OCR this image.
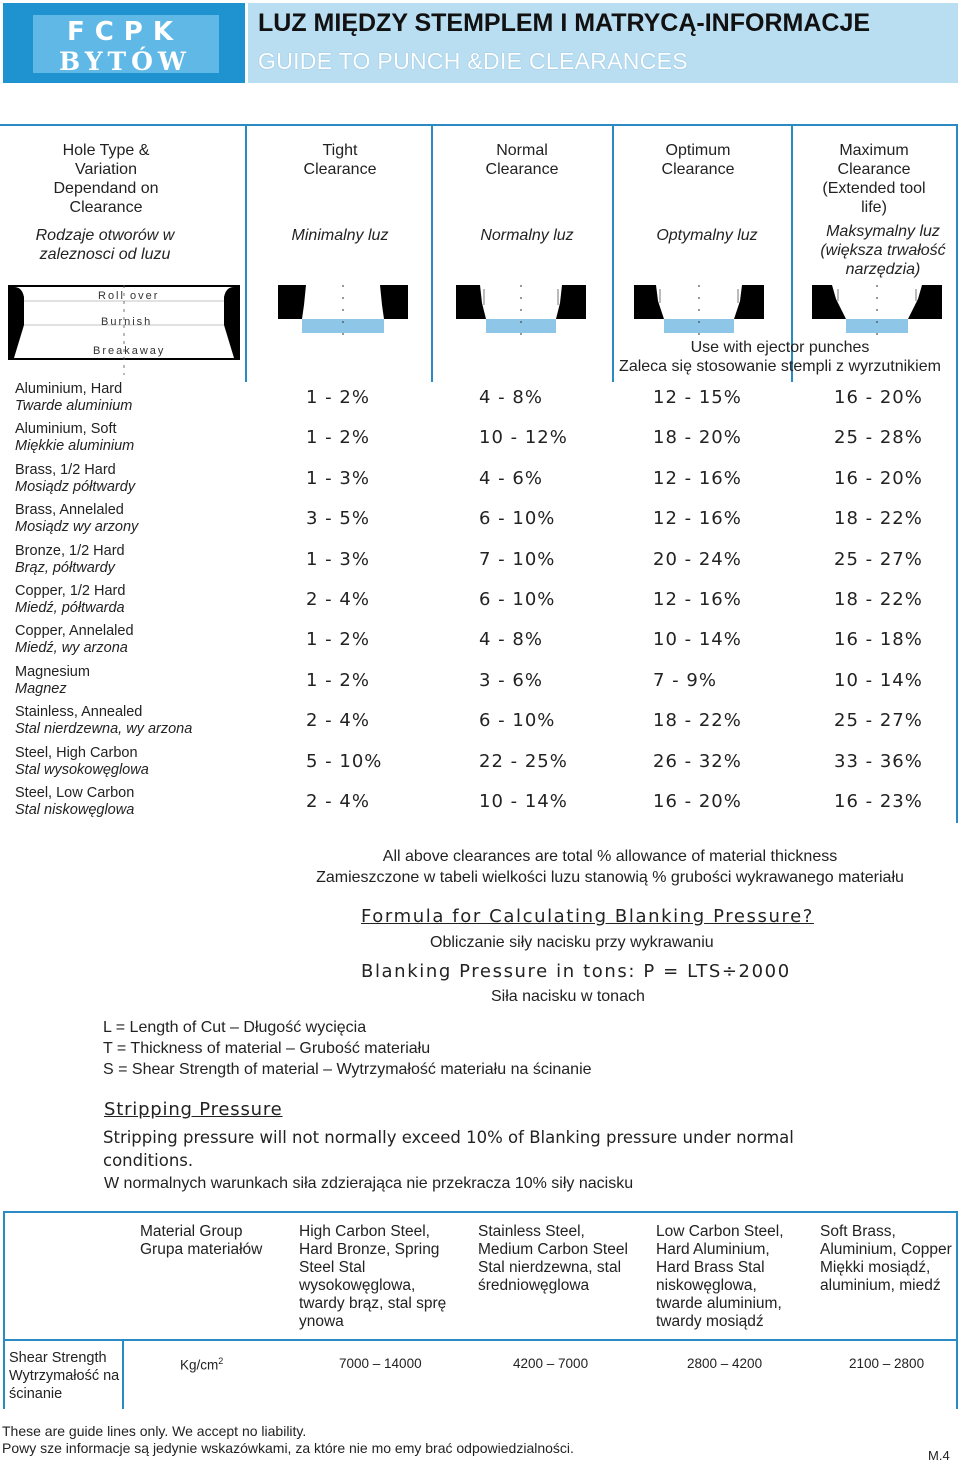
FCPK
BYTÓW
LUZ MIĘDZY STEMPLEM I MATRYCĄ-INFORMACJE
GUIDE TO PUNCH &DIE CLEARANCES
Hole Type & Variation Dependand on Clearance
Rodzaje otworów w zaleznosci od luzu
Tight Clearance
Minimalny luz
Normal Clearance
Normalny luz
Optimum Clearance
Optymalny luz
Maximum Clearance (Extended tool life)
Maksymalny luz (większa trwałość narzędzia)
Roll over
Burnish
Breakaway	Use with ejector punches
Zaleca się stosowanie stempli z wyrzutnikiem
Aluminium, Hard
Twarde aluminium	1 - 2%	4 - 8%	12 - 15%	16 - 20%
Aluminium, Soft
Miękkie aluminium	1 - 2%	10 - 12%	18 - 20%	25 - 28%
Brass, 1/2 Hard
Mosiądz półtwardy	1 - 3%	4 - 6%	12 - 16%	16 - 20%
Brass, Annelaled
Mosiądz wy arzony	3 - 5%	6 - 10%	12 - 16%	18 - 22%
Bronze, 1/2 Hard
Brąz, półtwardy	1 - 3%	7 - 10%	20 - 24%	25 - 27%
Copper, 1/2 Hard
Miedź, półtwarda	2 - 4%	6 - 10%	12 - 16%	18 - 22%
Copper, Annelaled
Miedź, wy arzona	1 - 2%	4 - 8%	10 - 14%	16 - 18%
Magnesium
Magnez	1 - 2%	3 - 6%	7 - 9%	10 - 14%
Stainless, Annealed
Stal nierdzewna, wy arzona	2 - 4%	6 - 10%	18 - 22%	25 - 27%
Steel, High Carbon
Stal wysokowęglowa	5 - 10%	22 - 25%	26 - 32%	33 - 36%
Steel, Low Carbon
Stal niskowęglowa	2 - 4%	10 - 14%	16 - 20%	16 - 23%
All above clearances are total % allowance of material thickness
Zamieszczone w tabeli wielkości luzu stanowią % grubości wykrawanego materiału
Formula for Calculating Blanking Pressure?
Obliczanie siły nacisku przy wykrawaniu
Blanking Pressure in tons: P = LTS÷2000
Siła nacisku w tonach
L = Length of Cut – Długość wycięcia
T = Thickness of material – Grubość materiału
S = Shear Strength of material – Wytrzymałość materiału na ścinanie
Stripping Pressure
Stripping pressure will not normally exceed 10% of Blanking pressure under normal conditions.
W normalnych warunkach siła zdzierająca nie przekracza 10% siły nacisku
Material Group Grupa materiałów
High Carbon Steel, Hard Bronze, Spring Steel Stal wysokowęglowa, twardy brąz, stal sprę ynowa
Stainless Steel, Medium Carbon Steel Stal nierdzewna, stal średniowęglowa
Low Carbon Steel, Hard Aluminium, Hard Brass Stal niskowęglowa, twarde aluminium, twardy mosiądź
Soft Brass, Aluminium, Copper Miękki mosiądź, aluminium, miedź
Shear Strength Wytrzymałość na ścinanie
$Kg/cm^2$	7000 – 14000	4200 – 7000	2800 – 4200	2100 – 2800
These are guide lines only. We accept no liability.
Powy sze informacje są jedynie wskazówkami, za które nie mo emy brać odpowiedzialności.	M.4
